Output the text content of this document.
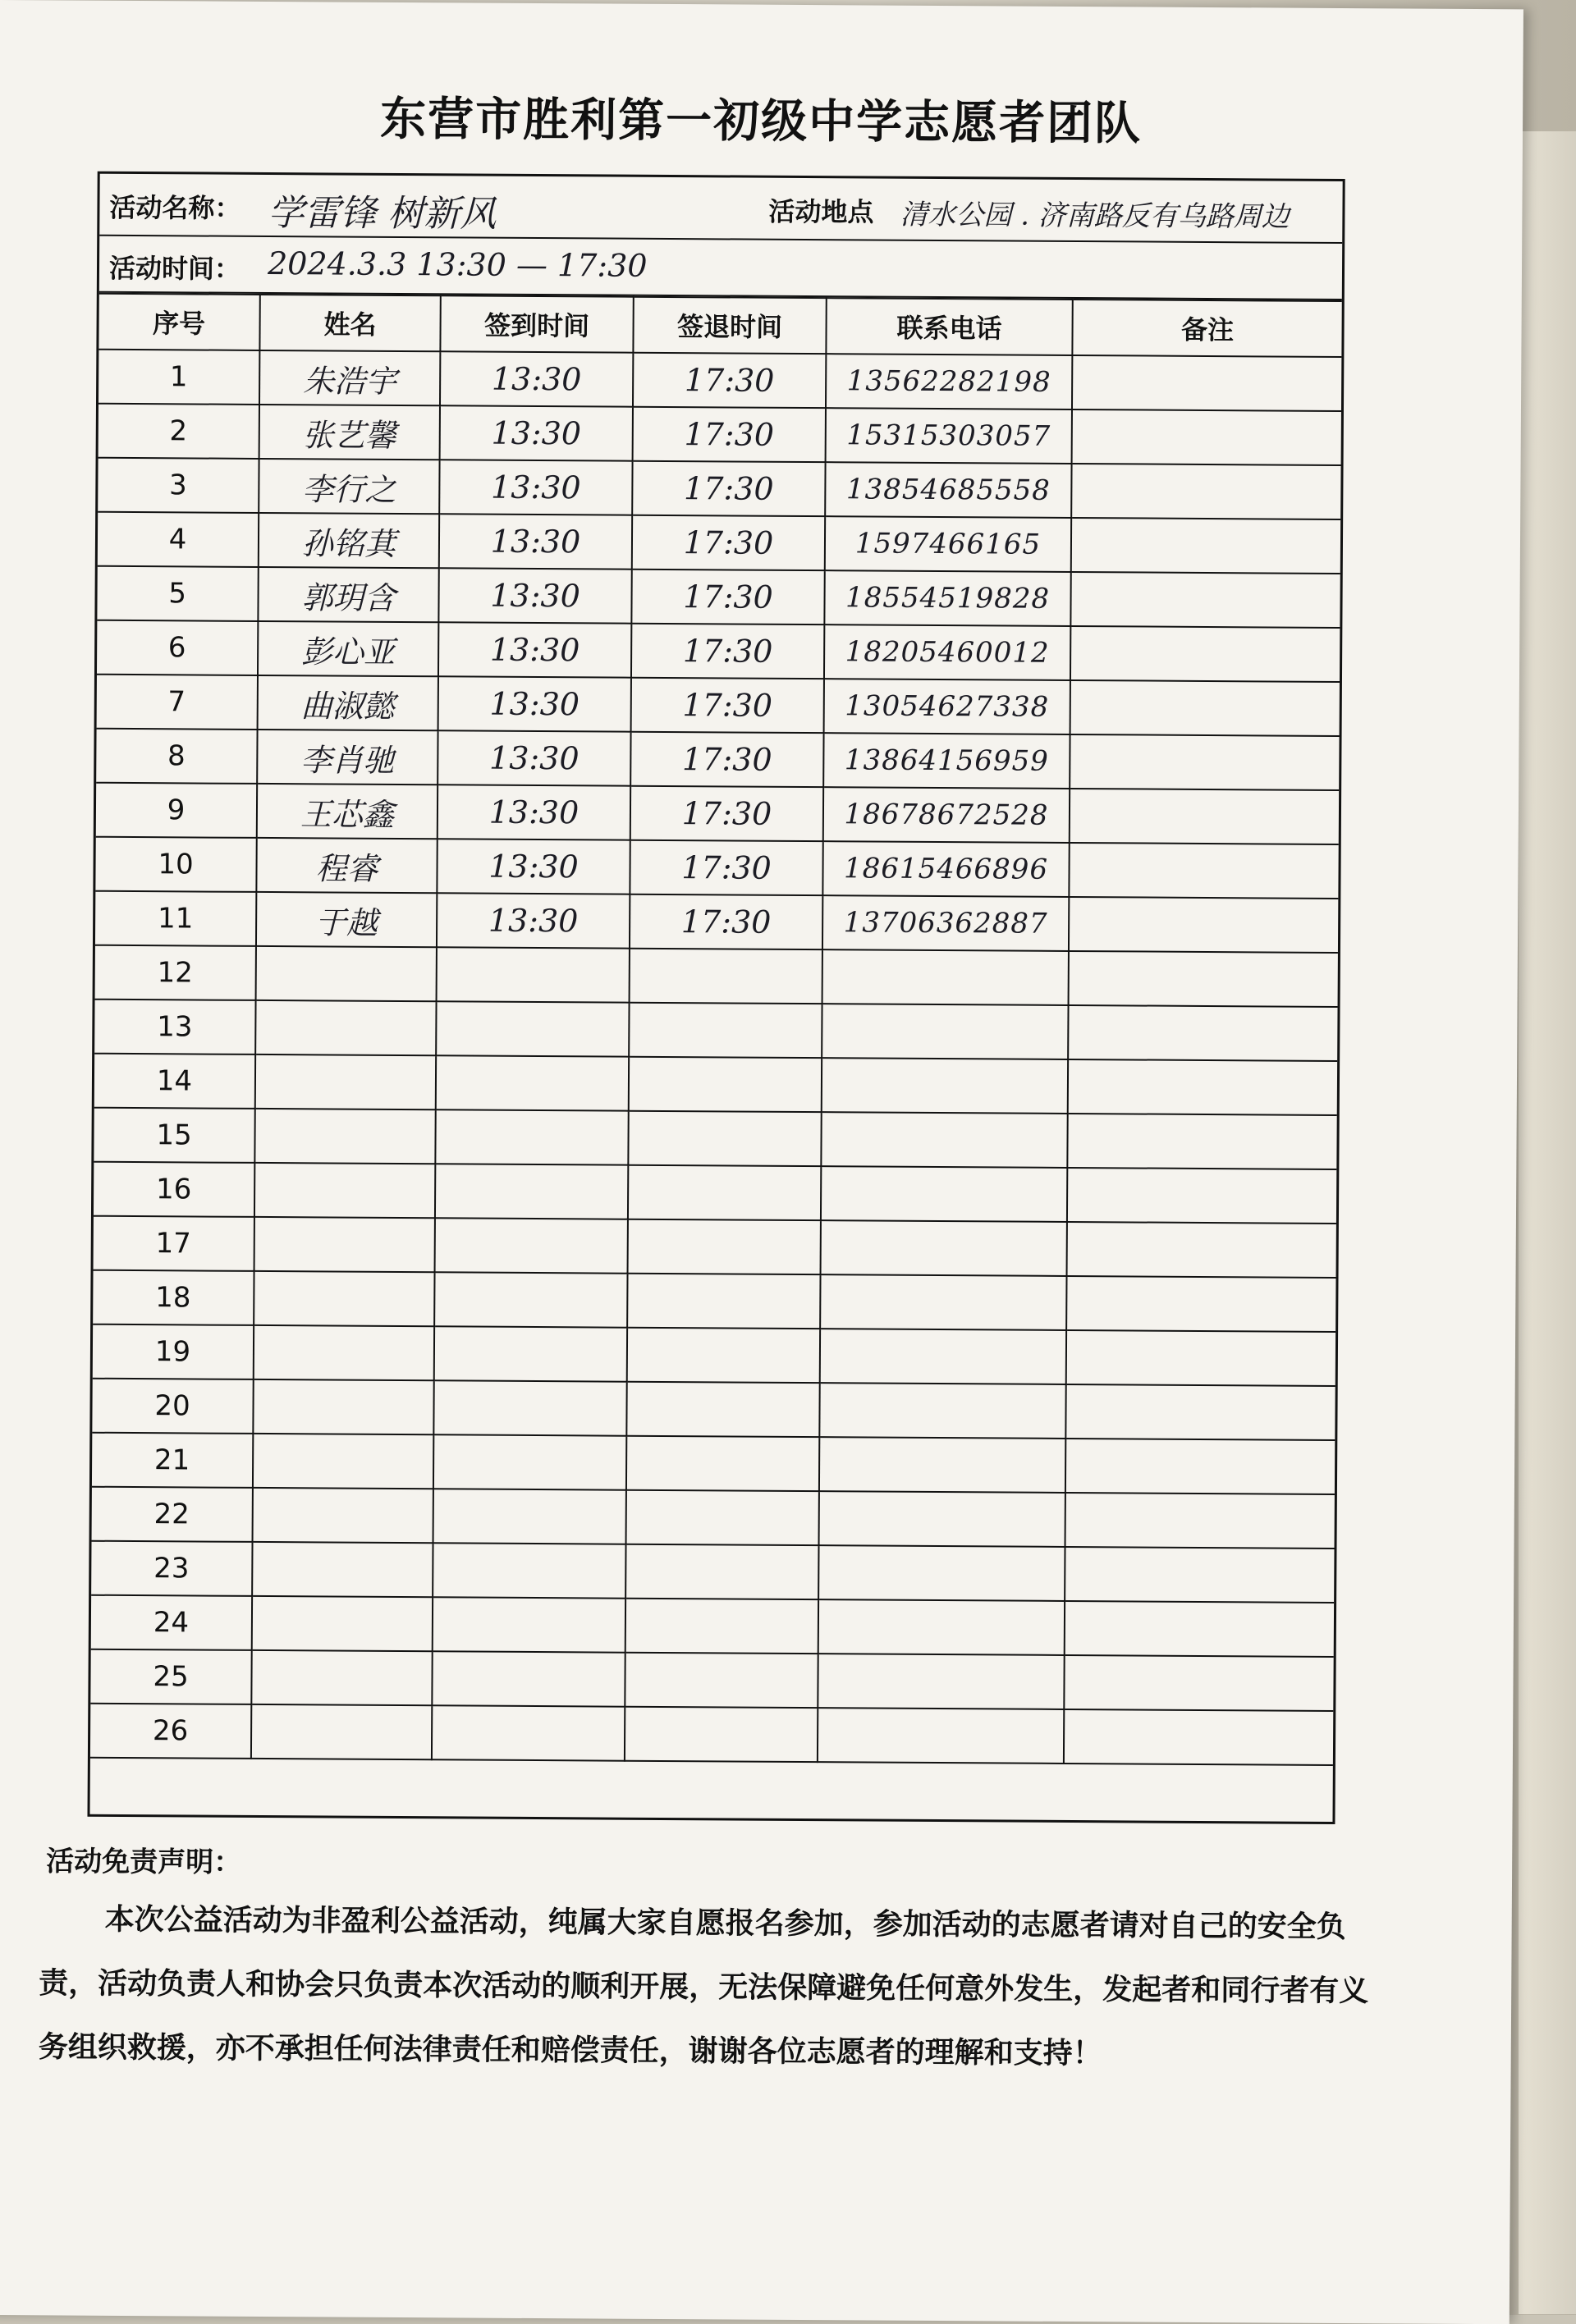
东营市胜利第一初级中学志愿者团队
活动名称： 学雷锋 树新风	活动地点 清水公园 . 济南路反有乌路周边
活动时间： 2024.3.3 13:30 — 17:30
序号	姓名	签到时间	签退时间	联系电话	备注
1	朱浩宇	13:30	17:30	13562282198	
2	张艺馨	13:30	17:30	15315303057	
3	李行之	13:30	17:30	13854685558	
4	孙铭萁	13:30	17:30	1597466165	
5	郭玥含	13:30	17:30	18554519828	
6	彭心亚	13:30	17:30	18205460012	
7	曲淑懿	13:30	17:30	13054627338	
8	李肖驰	13:30	17:30	13864156959	
9	王芯鑫	13:30	17:30	18678672528	
10	程睿	13:30	17:30	18615466896	
11	于越	13:30	17:30	13706362887	
12					
13					
14					
15					
16					
17					
18					
19					
20					
21					
22					
23					
24					
25					
26					
活动免责声明：
本次公益活动为非盈利公益活动，纯属大家自愿报名参加，参加活动的志愿者请对自己的安全负责，活动负责人和协会只负责本次活动的顺利开展，无法保障避免任何意外发生，发起者和同行者有义务组织救援，亦不承担任何法律责任和赔偿责任，谢谢各位志愿者的理解和支持！
